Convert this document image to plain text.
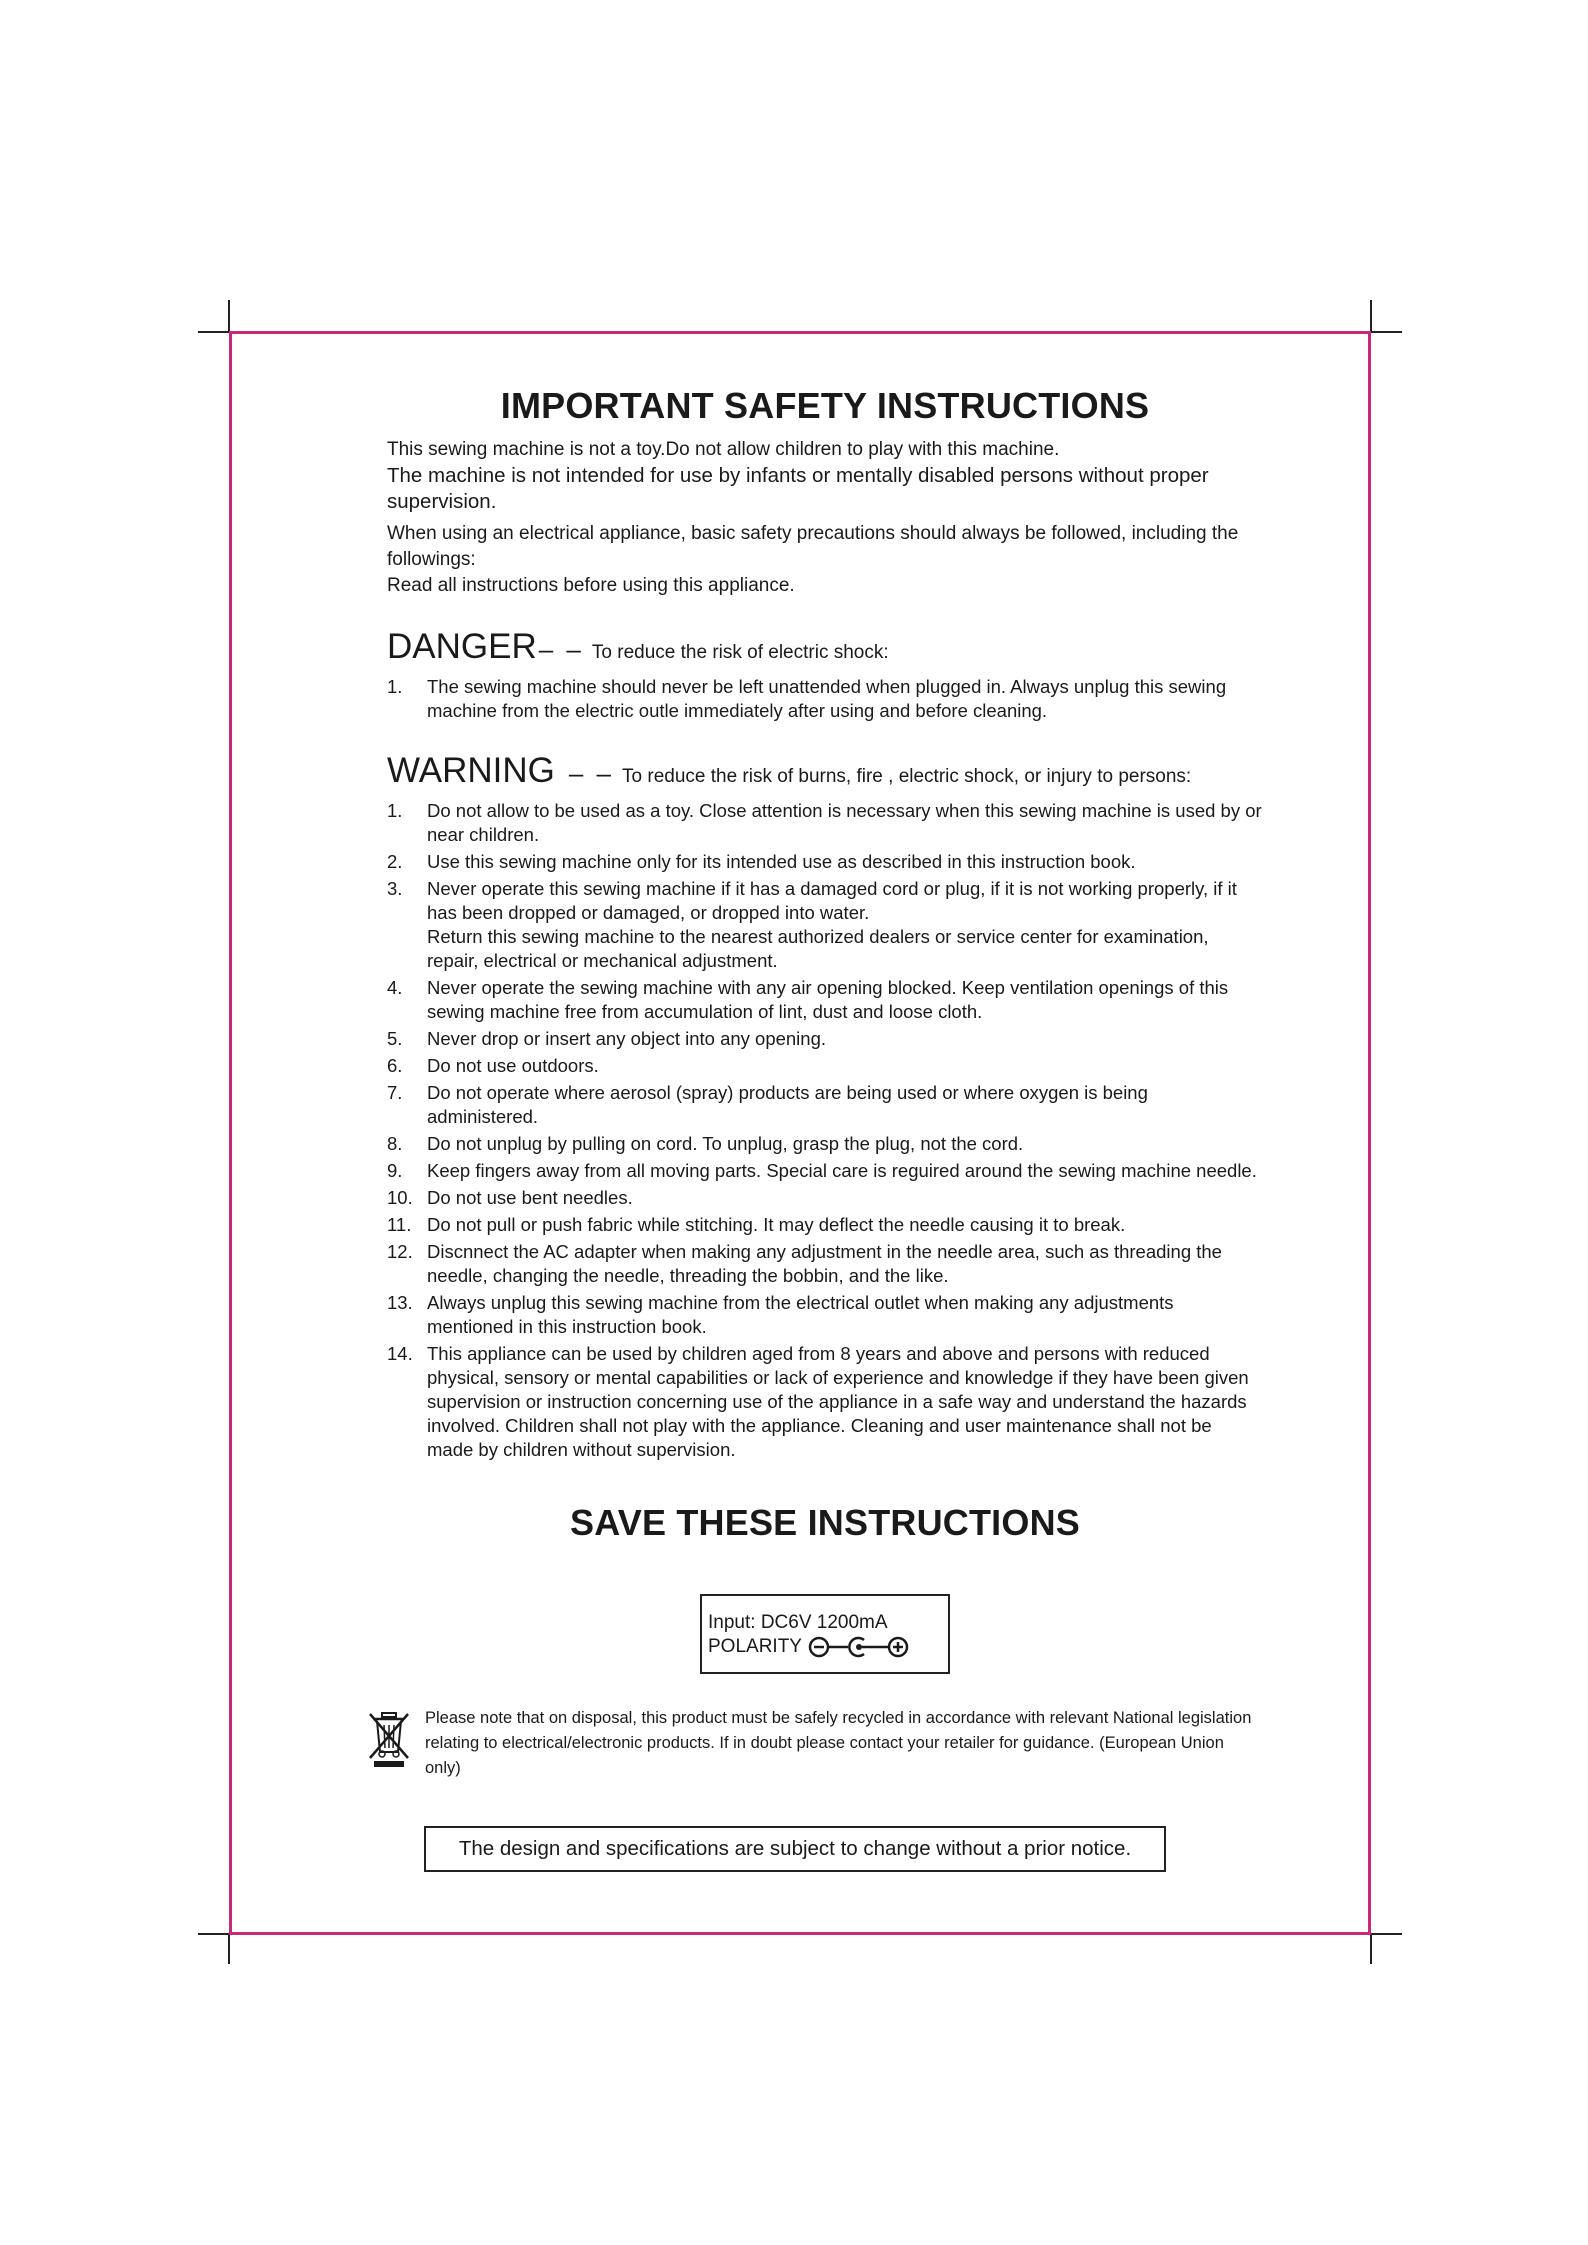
IMPORTANT SAFETY INSTRUCTIONS

This sewing machine is not a toy.Do not allow children to play with this machine.

The machine is not intended for use by infants or mentally disabled persons without proper supervision.

When using an electrical appliance, basic safety precautions should always be followed, including the followings:

Read all instructions before using this appliance.

DANGER– – To reduce the risk of electric shock:
1. The sewing machine should never be left unattended when plugged in. Always unplug this sewing machine from the electric outle immediately after using and before cleaning.
WARNING – – To reduce the risk of burns, fire , electric shock, or injury to persons:
1. Do not allow to be used as a toy. Close attention is necessary when this sewing machine is used by or near children.
2. Use this sewing machine only for its intended use as described in this instruction book.
3. Never operate this sewing machine if it has a damaged cord or plug, if it is not working properly, if it has been dropped or damaged, or dropped into water.
Return this sewing machine to the nearest authorized dealers or service center for examination, repair, electrical or mechanical adjustment.
4. Never operate the sewing machine with any air opening blocked. Keep ventilation openings of this sewing machine free from accumulation of lint, dust and loose cloth.
5. Never drop or insert any object into any opening.
6. Do not use outdoors.
7. Do not operate where aerosol (spray) products are being used or where oxygen is being administered.
8. Do not unplug by pulling on cord. To unplug, grasp the plug, not the cord.
9. Keep fingers away from all moving parts. Special care is reguired around the sewing machine needle.
10. Do not use bent needles.
11. Do not pull or push fabric while stitching. It may deflect the needle causing it to break.
12. Discnnect the AC adapter when making any adjustment in the needle area, such as threading the needle, changing the needle, threading the bobbin, and the like.
13. Always unplug this sewing machine from the electrical outlet when making any adjustments mentioned in this instruction book.
14. This appliance can be used by children aged from 8 years and above and persons with reduced physical, sensory or mental capabilities or lack of experience and knowledge if they have been given supervision or instruction concerning use of the appliance in a safe way and understand the hazards involved. Children shall not play with the appliance. Cleaning and user maintenance shall not be made by children without supervision.
SAVE THESE INSTRUCTIONS
Input: DC6V 1200mA
POLARITY
Please note that on disposal, this product must be safely recycled in accordance with relevant National legislation relating to electrical/electronic products. If in doubt please contact your retailer for guidance. (European Union only)
The design and specifications are subject to change without a prior notice.
